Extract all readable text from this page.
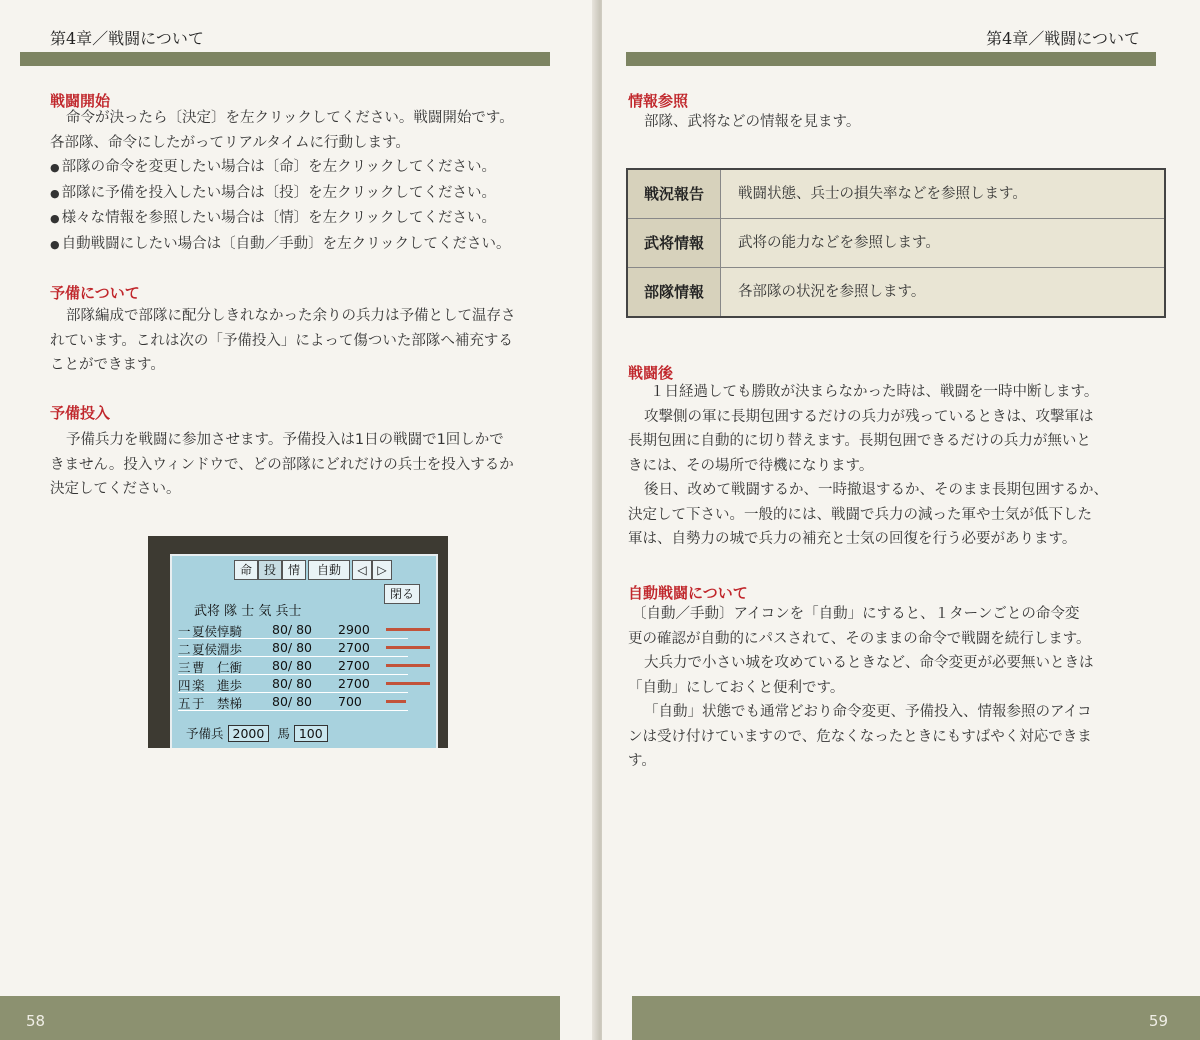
第4章／戦闘について
戦闘開始
命令が決ったら〔決定〕を左クリックしてください。戦闘開始です。
各部隊、命令にしたがってリアルタイムに行動します。
● 部隊の命令を変更したい場合は〔命〕を左クリックしてください。
● 部隊に予備を投入したい場合は〔投〕を左クリックしてください。
● 様々な情報を参照したい場合は〔情〕を左クリックしてください。
● 自動戦闘にしたい場合は〔自動／手動〕を左クリックしてください。
予備について
部隊編成で部隊に配分しきれなかった余りの兵力は予備として温存さ
れています。これは次の「予備投入」によって傷ついた部隊へ補充する
ことができます。
予備投入
予備兵力を戦闘に参加させます。予備投入は1日の戦闘で1回しかで
きません。投入ウィンドウで、どの部隊にどれだけの兵士を投入するか
決定してください。
命 投 情	自動	◁ ▷
閉る
武将 隊 士 気 兵士
一 夏侯惇騎 80/ 80 2900
二 夏侯淵歩 80/ 80 2700
三 曹　仁衝 80/ 80 2700
四 楽　進歩 80/ 80 2700
五 于　禁梯 80/ 80 700
予備兵 2000 馬 100
58
第4章／戦闘について
情報参照
部隊、武将などの情報を見ます。
戦況報告	戦闘状態、兵士の損失率などを参照します。
武将情報	武将の能力などを参照します。
部隊情報	各部隊の状況を参照します。
戦闘後
１日経過しても勝敗が決まらなかった時は、戦闘を一時中断します。
攻撃側の軍に長期包囲するだけの兵力が残っているときは、攻撃軍は
長期包囲に自動的に切り替えます。長期包囲できるだけの兵力が無いと
きには、その場所で待機になります。
後日、改めて戦闘するか、一時撤退するか、そのまま長期包囲するか、
決定して下さい。一般的には、戦闘で兵力の減った軍や士気が低下した
軍は、自勢力の城で兵力の補充と士気の回復を行う必要があります。
自動戦闘について
〔自動／手動〕アイコンを「自動」にすると、１ターンごとの命令変
更の確認が自動的にパスされて、そのままの命令で戦闘を続行します。
大兵力で小さい城を攻めているときなど、命令変更が必要無いときは
「自動」にしておくと便利です。
「自動」状態でも通常どおり命令変更、予備投入、情報参照のアイコ
ンは受け付けていますので、危なくなったときにもすばやく対応できま
す。
59
